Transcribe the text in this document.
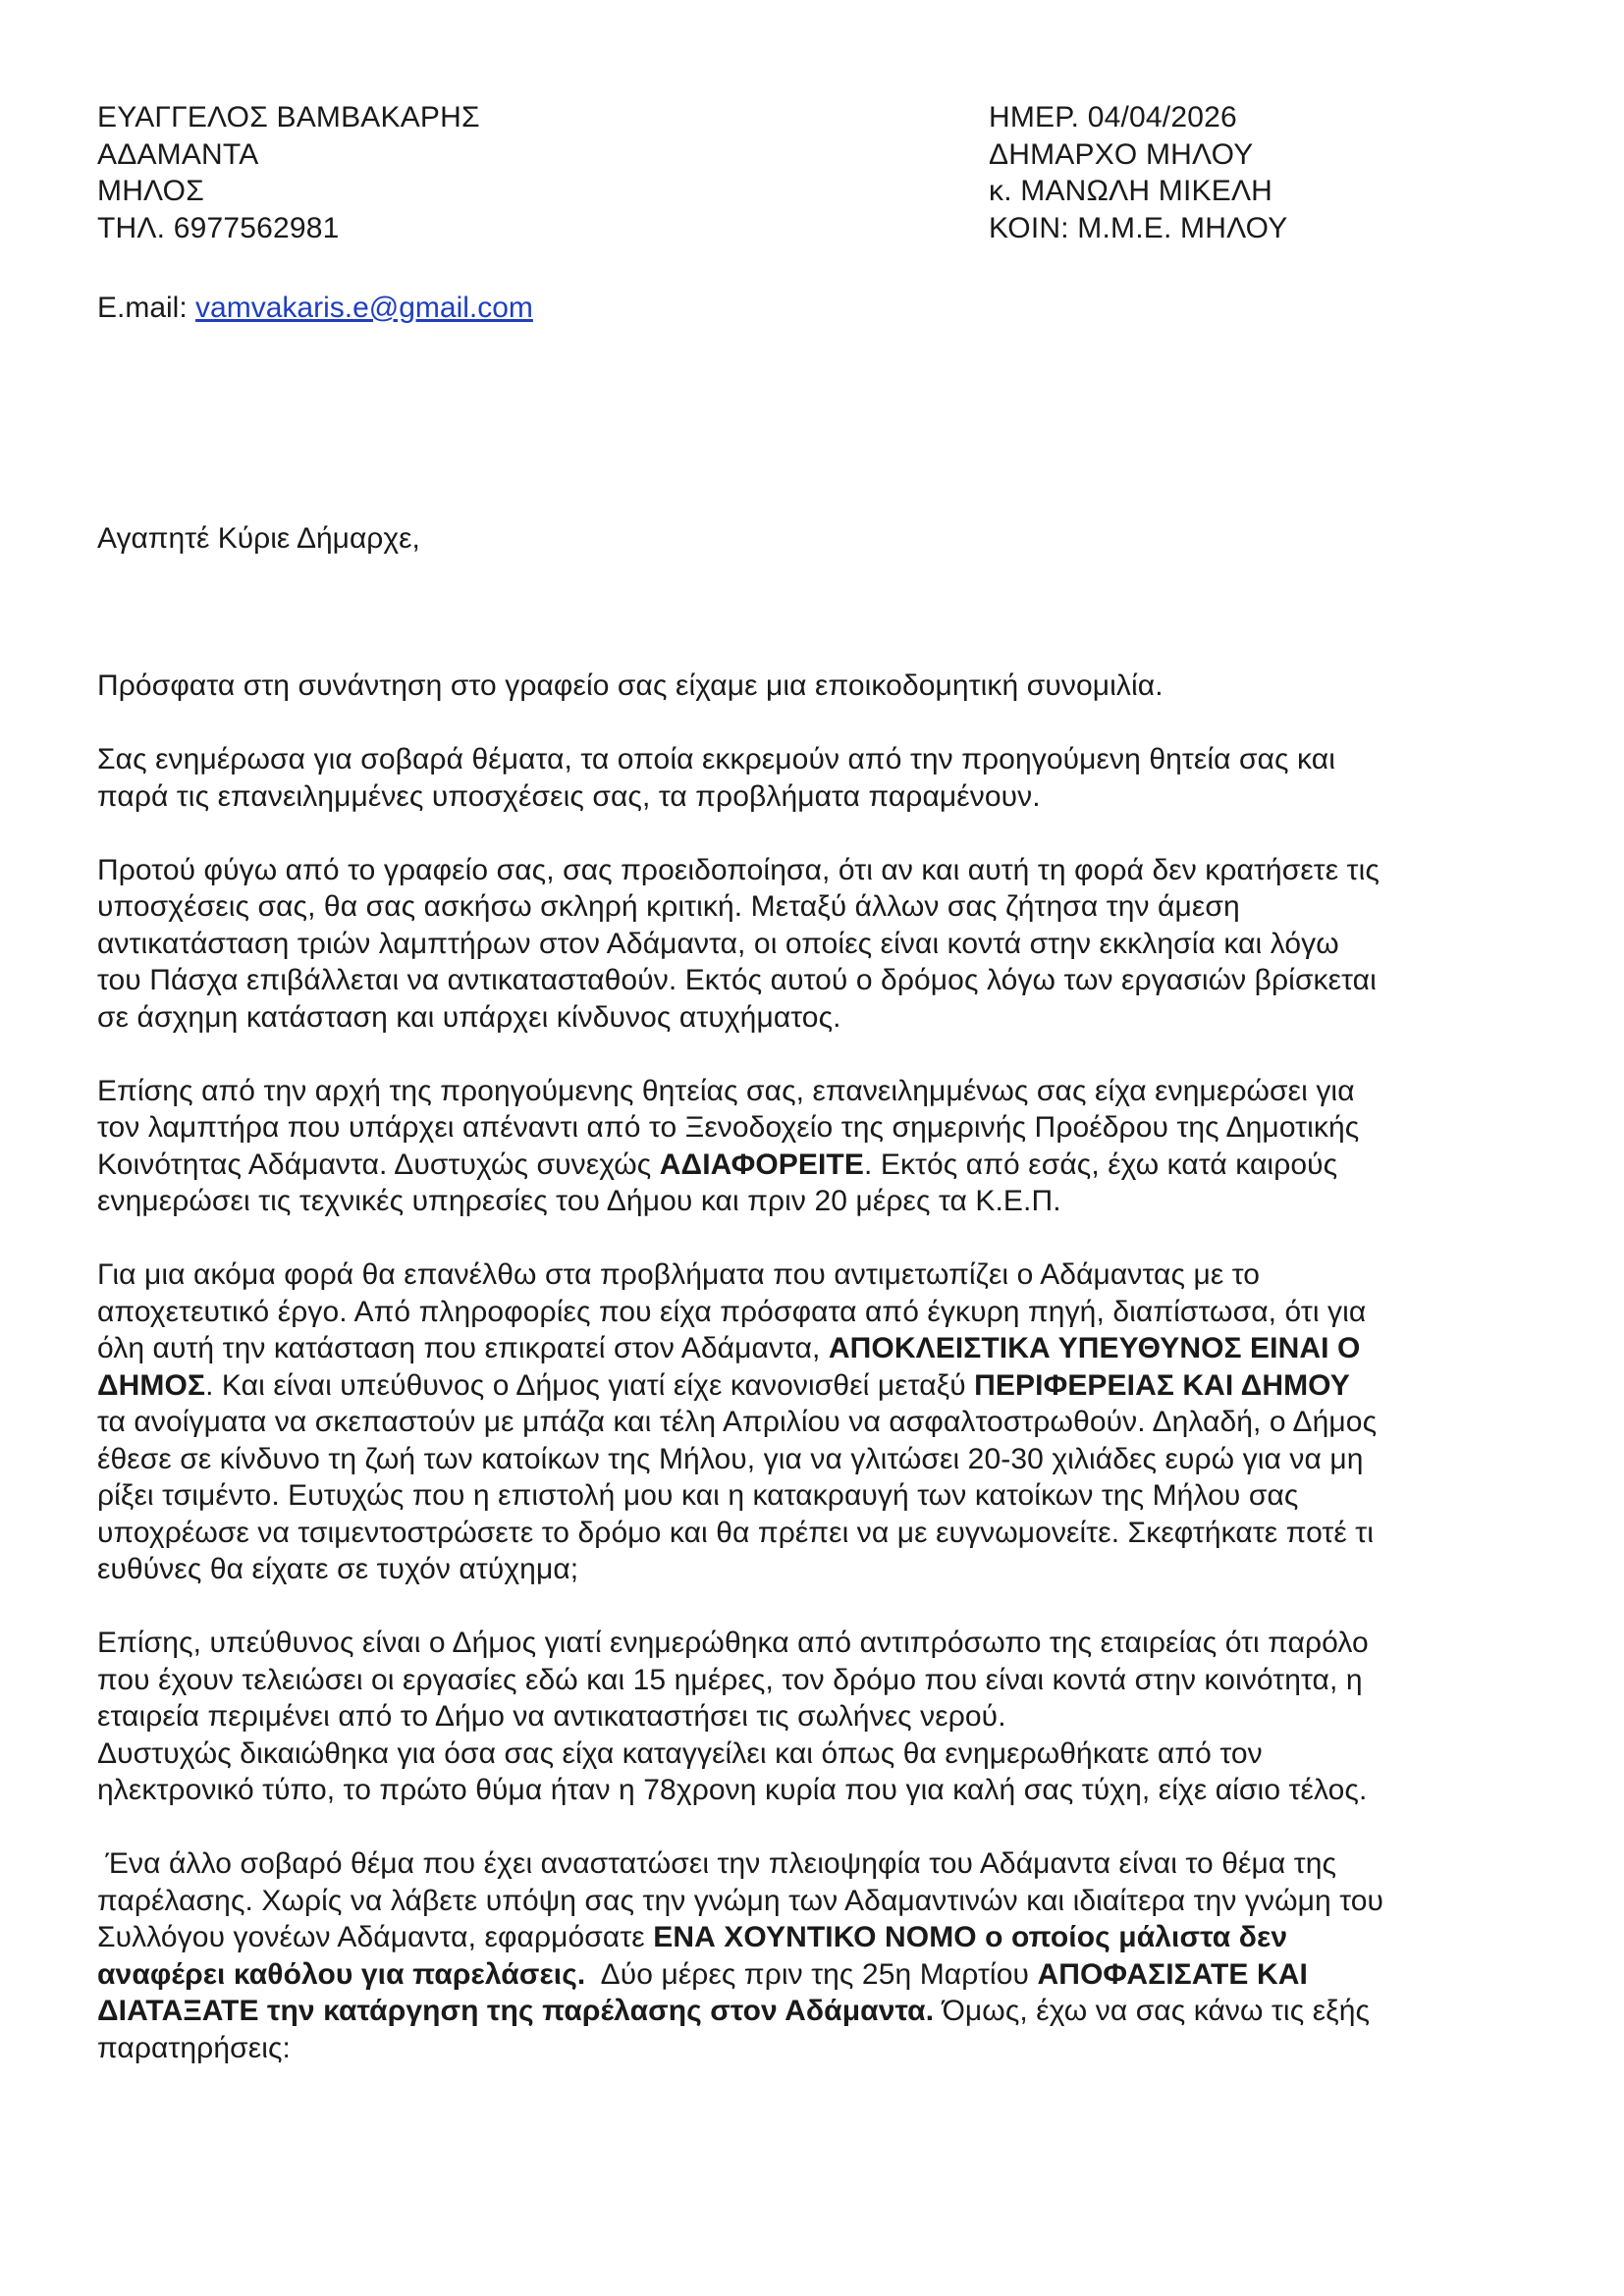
ΕΥΑΓΓΕΛΟΣ ΒΑΜΒΑΚΑΡΗΣ
ΑΔΑΜΑΝΤΑ
ΜΗΛΟΣ
ΤΗΛ. 6977562981
ΗΜΕΡ. 04/04/2026
ΔΗΜΑΡΧΟ ΜΗΛΟΥ
κ. ΜΑΝΩΛΗ ΜΙΚΕΛΗ
ΚΟΙΝ: Μ.Μ.Ε. ΜΗΛΟΥ
E.mail: vamvakaris.e@gmail.com
Αγαπητέ Κύριε Δήμαρχε,
Πρόσφατα στη συνάντηση στο γραφείο σας είχαμε μια εποικοδομητική συνομιλία.
Σας ενημέρωσα για σοβαρά θέματα, τα οποία εκκρεμούν από την προηγούμενη θητεία σας και
παρά τις επανειλημμένες υποσχέσεις σας, τα προβλήματα παραμένουν.
Προτού φύγω από το γραφείο σας, σας προειδοποίησα, ότι αν και αυτή τη φορά δεν κρατήσετε τις
υποσχέσεις σας, θα σας ασκήσω σκληρή κριτική. Μεταξύ άλλων σας ζήτησα την άμεση
αντικατάσταση τριών λαμπτήρων στον Αδάμαντα, οι οποίες είναι κοντά στην εκκλησία και λόγω
του Πάσχα επιβάλλεται να αντικατασταθούν. Εκτός αυτού ο δρόμος λόγω των εργασιών βρίσκεται
σε άσχημη κατάσταση και υπάρχει κίνδυνος ατυχήματος.
Επίσης από την αρχή της προηγούμενης θητείας σας, επανειλημμένως σας είχα ενημερώσει για
τον λαμπτήρα που υπάρχει απέναντι από το Ξενοδοχείο της σημερινής Προέδρου της Δημοτικής
Κοινότητας Αδάμαντα. Δυστυχώς συνεχώς ΑΔΙΑΦΟΡΕΙΤΕ. Εκτός από εσάς, έχω κατά καιρούς
ενημερώσει τις τεχνικές υπηρεσίες του Δήμου και πριν 20 μέρες τα Κ.Ε.Π.
Για μια ακόμα φορά θα επανέλθω στα προβλήματα που αντιμετωπίζει ο Αδάμαντας με το
αποχετευτικό έργο. Από πληροφορίες που είχα πρόσφατα από έγκυρη πηγή, διαπίστωσα, ότι για
όλη αυτή την κατάσταση που επικρατεί στον Αδάμαντα, ΑΠΟΚΛΕΙΣΤΙΚΑ ΥΠΕΥΘΥΝΟΣ ΕΙΝΑΙ Ο
ΔΗΜΟΣ. Και είναι υπεύθυνος ο Δήμος γιατί είχε κανονισθεί μεταξύ ΠΕΡΙΦΕΡΕΙΑΣ ΚΑΙ ΔΗΜΟΥ
τα ανοίγματα να σκεπαστούν με μπάζα και τέλη Απριλίου να ασφαλτοστρωθούν. Δηλαδή, ο Δήμος
έθεσε σε κίνδυνο τη ζωή των κατοίκων της Μήλου, για να γλιτώσει 20-30 χιλιάδες ευρώ για να μη
ρίξει τσιμέντο. Ευτυχώς που η επιστολή μου και η κατακραυγή των κατοίκων της Μήλου σας
υποχρέωσε να τσιμεντοστρώσετε το δρόμο και θα πρέπει να με ευγνωμονείτε. Σκεφτήκατε ποτέ τι
ευθύνες θα είχατε σε τυχόν ατύχημα;
Επίσης, υπεύθυνος είναι ο Δήμος γιατί ενημερώθηκα από αντιπρόσωπο της εταιρείας ότι παρόλο
που έχουν τελειώσει οι εργασίες εδώ και 15 ημέρες, τον δρόμο που είναι κοντά στην κοινότητα, η
εταιρεία περιμένει από το Δήμο να αντικαταστήσει τις σωλήνες νερού.
Δυστυχώς δικαιώθηκα για όσα σας είχα καταγγείλει και όπως θα ενημερωθήκατε από τον
ηλεκτρονικό τύπο, το πρώτο θύμα ήταν η 78χρονη κυρία που για καλή σας τύχη, είχε αίσιο τέλος.
Ένα άλλο σοβαρό θέμα που έχει αναστατώσει την πλειοψηφία του Αδάμαντα είναι το θέμα της
παρέλασης. Χωρίς να λάβετε υπόψη σας την γνώμη των Αδαμαντινών και ιδιαίτερα την γνώμη του
Συλλόγου γονέων Αδάμαντα, εφαρμόσατε ΕΝΑ ΧΟΥΝΤΙΚΟ ΝΟΜΟ ο οποίος μάλιστα δεν
αναφέρει καθόλου για παρελάσεις.  Δύο μέρες πριν της 25η Μαρτίου ΑΠΟΦΑΣΙΣΑΤΕ ΚΑΙ
ΔΙΑΤΑΞΑΤΕ την κατάργηση της παρέλασης στον Αδάμαντα. Όμως, έχω να σας κάνω τις εξής
παρατηρήσεις:
